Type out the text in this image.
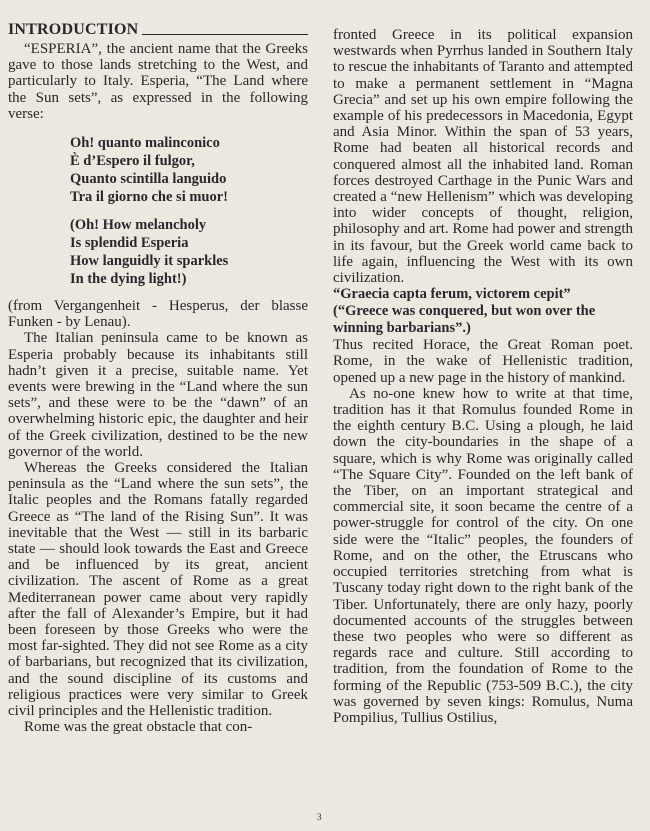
INTRODUCTION

“ESPERIA”, the ancient name that the Greeks gave to those lands stretching to the West, and particularly to Italy. Esperia, “The Land where the Sun sets”, as expressed in the following verse:

Oh! quanto malinconico
È d’Espero il fulgor,
Quanto scintilla languido
Tra il giorno che si muor!
(Oh! How melancholy
Is splendid Esperia
How languidly it sparkles
In the dying light!)

(from Vergangenheit - Hesperus, der blasse Funken - by Lenau).

The Italian peninsula came to be known as Esperia probably because its inhabitants still hadn’t given it a precise, suitable name. Yet events were brewing in the “Land where the sun sets”, and these were to be the “dawn” of an overwhelming historic epic, the daughter and heir of the Greek civilization, destined to be the new governor of the world.

Whereas the Greeks considered the Italian peninsula as the “Land where the sun sets”, the Italic peoples and the Romans fatally regarded Greece as “The land of the Rising Sun”. It was inevitable that the West — still in its barbaric state — should look towards the East and Greece and be influenced by its great, ancient civilization. The ascent of Rome as a great Mediterranean power came about very rapidly after the fall of Alexander’s Empire, but it had been foreseen by those Greeks who were the most far-sighted. They did not see Rome as a city of barbarians, but recognized that its civilization, and the sound discipline of its customs and religious practices were very similar to Greek civil principles and the Hellenistic tradition.

Rome was the great obstacle that con-

fronted Greece in its political expansion westwards when Pyrrhus landed in Southern Italy to rescue the inhabitants of Taranto and attempted to make a permanent settlement in “Magna Grecia” and set up his own empire following the example of his predecessors in Macedonia, Egypt and Asia Minor. Within the span of 53 years, Rome had beaten all historical records and conquered almost all the inhabited land. Roman forces destroyed Carthage in the Punic Wars and created a “new Hellenism” which was developing into wider concepts of thought, religion, philosophy and art. Rome had power and strength in its favour, but the Greek world came back to life again, influencing the West with its own civilization.

“Graecia capta ferum, victorem cepit”
(“Greece was conquered, but won over the winning barbarians”.)

Thus recited Horace, the Great Roman poet. Rome, in the wake of Hellenistic tradition, opened up a new page in the history of mankind.

As no-one knew how to write at that time, tradition has it that Romulus founded Rome in the eighth century B.C. Using a plough, he laid down the city-boundaries in the shape of a square, which is why Rome was originally called “The Square City”. Founded on the left bank of the Tiber, on an important strategical and commercial site, it soon became the centre of a power-struggle for control of the city. On one side were the “Italic” peoples, the founders of Rome, and on the other, the Etruscans who occupied territories stretching from what is Tuscany today right down to the right bank of the Tiber. Unfortunately, there are only hazy, poorly documented accounts of the struggles between these two peoples who were so different as regards race and culture. Still according to tradition, from the foundation of Rome to the forming of the Republic (753-509 B.C.), the city was governed by seven kings: Romulus, Numa Pompilius, Tullius Ostilius,

3
